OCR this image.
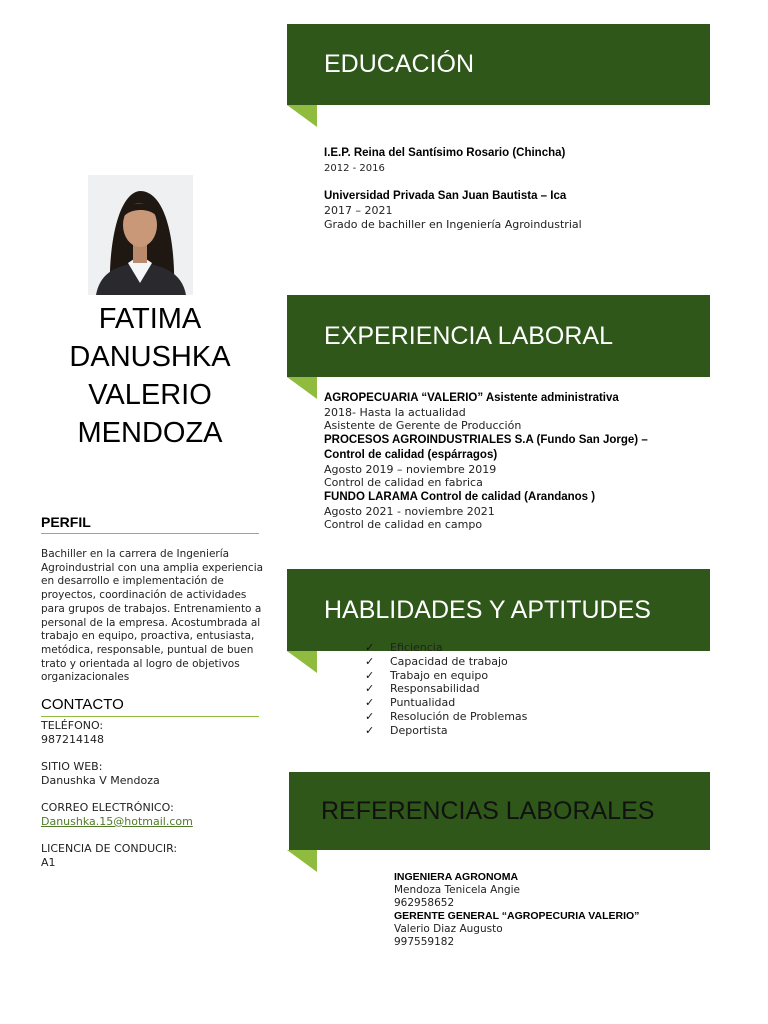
FATIMA
DANUSHKA
VALERIO
MENDOZA
PERFIL
Bachiller en la carrera de Ingeniería Agroindustrial con una amplia experiencia en desarrollo e implementación de proyectos, coordinación de actividades para grupos de trabajos. Entrenamiento a personal de la empresa. Acostumbrada al trabajo en equipo, proactiva, entusiasta, metódica, responsable, puntual de buen trato y orientada al logro de objetivos organizacionales
CONTACTO
TELÉFONO:
987214148
SITIO WEB:
Danushka V Mendoza
CORREO ELECTRÓNICO:
Danushka.15@hotmail.com
LICENCIA DE CONDUCIR:
A1
EDUCACIÓN
I.E.P. Reina del Santísimo Rosario (Chincha)
2012 - 2016
Universidad Privada San Juan Bautista – Ica
2017 – 2021
Grado de bachiller en Ingeniería Agroindustrial
EXPERIENCIA LABORAL
AGROPECUARIA “VALERIO” Asistente administrativa
2018- Hasta la actualidad
Asistente de Gerente de Producción
PROCESOS AGROINDUSTRIALES S.A (Fundo San Jorge) – Control de calidad (espárragos)
Agosto 2019 – noviembre 2019
Control de calidad en fabrica
FUNDO LARAMA Control de calidad (Arandanos )
Agosto 2021 - noviembre 2021
Control de calidad en campo
HABLIDADES Y APTITUDES
✓ Capacidad de trabajo
✓ Trabajo en equipo
✓ Responsabilidad
✓ Puntualidad
✓ Resolución de Problemas
✓ Deportista
✓ Eficiencia
REFERENCIAS LABORALES
INGENIERA AGRONOMA
Mendoza Tenicela Angie
962958652
GERENTE GENERAL “AGROPECURIA VALERIO”
Valerio Diaz Augusto
997559182
